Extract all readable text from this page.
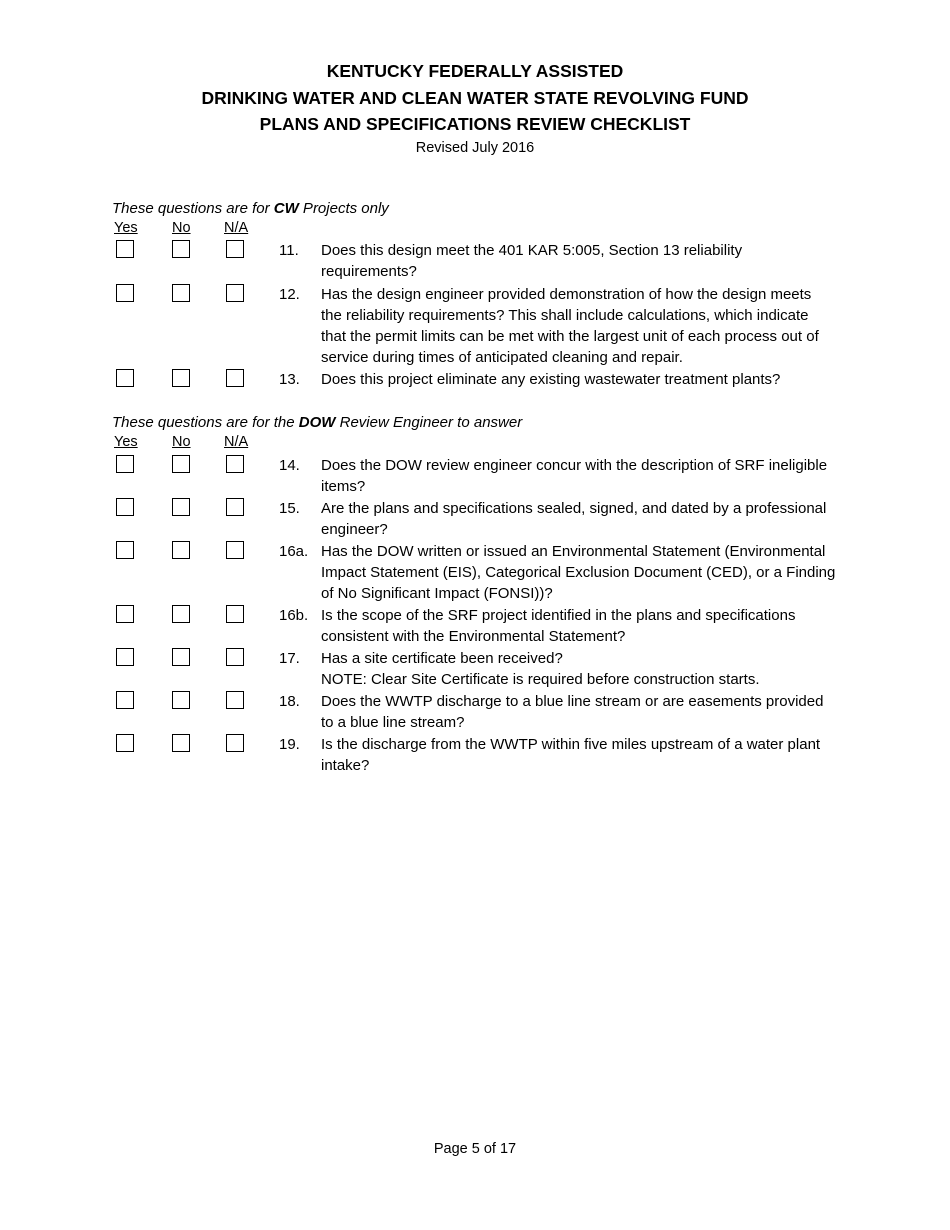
KENTUCKY FEDERALLY ASSISTED
DRINKING WATER AND CLEAN WATER STATE REVOLVING FUND
PLANS AND SPECIFICATIONS REVIEW CHECKLIST
Revised July 2016
These questions are for CW Projects only
Yes No N/A
11. Does this design meet the 401 KAR 5:005, Section 13 reliability
requirements?
12. Has the design engineer provided demonstration of how the design meets
the reliability requirements? This shall include calculations, which indicate
that the permit limits can be met with the largest unit of each process out of
service during times of anticipated cleaning and repair.
13. Does this project eliminate any existing wastewater treatment plants?
These questions are for the DOW Review Engineer to answer
Yes No N/A
14. Does the DOW review engineer concur with the description of SRF ineligible
items?
15. Are the plans and specifications sealed, signed, and dated by a professional
engineer?
16a. Has the DOW written or issued an Environmental Statement (Environmental
Impact Statement (EIS), Categorical Exclusion Document (CED), or a Finding
of No Significant Impact (FONSI))?
16b. Is the scope of the SRF project identified in the plans and specifications
consistent with the Environmental Statement?
17. Has a site certificate been received?
NOTE: Clear Site Certificate is required before construction starts.
18. Does the WWTP discharge to a blue line stream or are easements provided
to a blue line stream?
19. Is the discharge from the WWTP within five miles upstream of a water plant
intake?
Page 5 of 17
